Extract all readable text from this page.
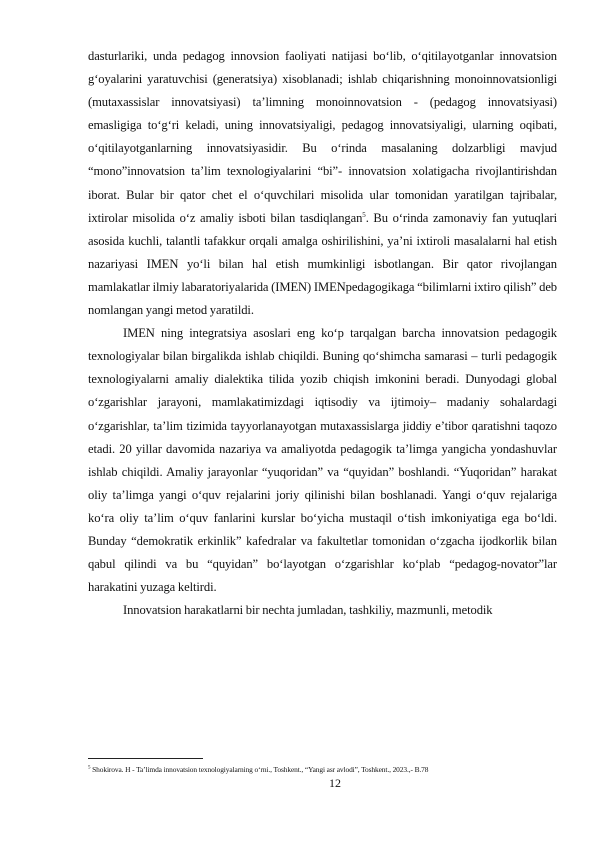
dasturlariki, unda pedagog innovsion faoliyati natijasi bo‘lib, o‘qitilayotganlar innovatsion g‘oyalarini yaratuvchisi (generatsiya) xisoblanadi; ishlab chiqarishning monoinnovatsionligi (mutaxassislar innovatsiyasi) ta’limning monoinnovatsion - (pedagog innovatsiyasi) emasligiga to‘g‘ri keladi, uning innovatsiyaligi, pedagog innovatsiyaligi, ularning oqibati, o‘qitilayotganlarning innovatsiyasidir. Bu o‘rinda masalaning dolzarbligi mavjud “mono”innovatsion ta’lim texnologiyalarini “bi”- innovatsion xolatigacha rivojlantirishdan iborat. Bular bir qator chet el o‘quvchilari misolida ular tomonidan yaratilgan tajribalar, ixtirolar misolida o‘z amaliy isboti bilan tasdiqlangan$^5$. Bu o‘rinda zamonaviy fan yutuqlari asosida kuchli, talantli tafakkur orqali amalga oshirilishini, ya’ni ixtiroli masalalarni hal etish nazariyasi IMEN yo‘li bilan hal etish mumkinligi isbotlangan. Bir qator rivojlangan mamlakatlar ilmiy labaratoriyalarida (IMEN) IMENpedagogikaga “bilimlarni ixtiro qilish” deb nomlangan yangi metod yaratildi.

IMEN ning integratsiya asoslari eng ko‘p tarqalgan barcha innovatsion pedagogik texnologiyalar bilan birgalikda ishlab chiqildi. Buning qo‘shimcha samarasi – turli pedagogik texnologiyalarni amaliy dialektika tilida yozib chiqish imkonini beradi. Dunyodagi global o‘zgarishlar jarayoni, mamlakatimizdagi iqtisodiy va ijtimoiy– madaniy sohalardagi o‘zgarishlar, ta’lim tizimida tayyorlanayotgan mutaxassislarga jiddiy e’tibor qaratishni taqozo etadi. 20 yillar davomida nazariya va amaliyotda pedagogik ta’limga yangicha yondashuvlar ishlab chiqildi. Amaliy jarayonlar “yuqoridan” va “quyidan” boshlandi. “Yuqoridan” harakat oliy ta’limga yangi o‘quv rejalarini joriy qilinishi bilan boshlanadi. Yangi o‘quv rejalariga ko‘ra oliy ta’lim o‘quv fanlarini kurslar bo‘yicha mustaqil o‘tish imkoniyatiga ega bo‘ldi. Bunday “demokratik erkinlik” kafedralar va fakultetlar tomonidan o‘zgacha ijodkorlik bilan qabul qilindi va bu “quyidan” bo‘layotgan o‘zgarishlar ko‘plab “pedagog-novator”lar harakatini yuzaga keltirdi.

Innovatsion harakatlarni bir nechta jumladan, tashkiliy, mazmunli, metodik

$^5$ Shokirova. H - Ta’limda innovatsion texnologiyalarning o‘rni., Toshkent., “Yangi asr avlodi”, Toshkent., 2023.,- B.78
12
